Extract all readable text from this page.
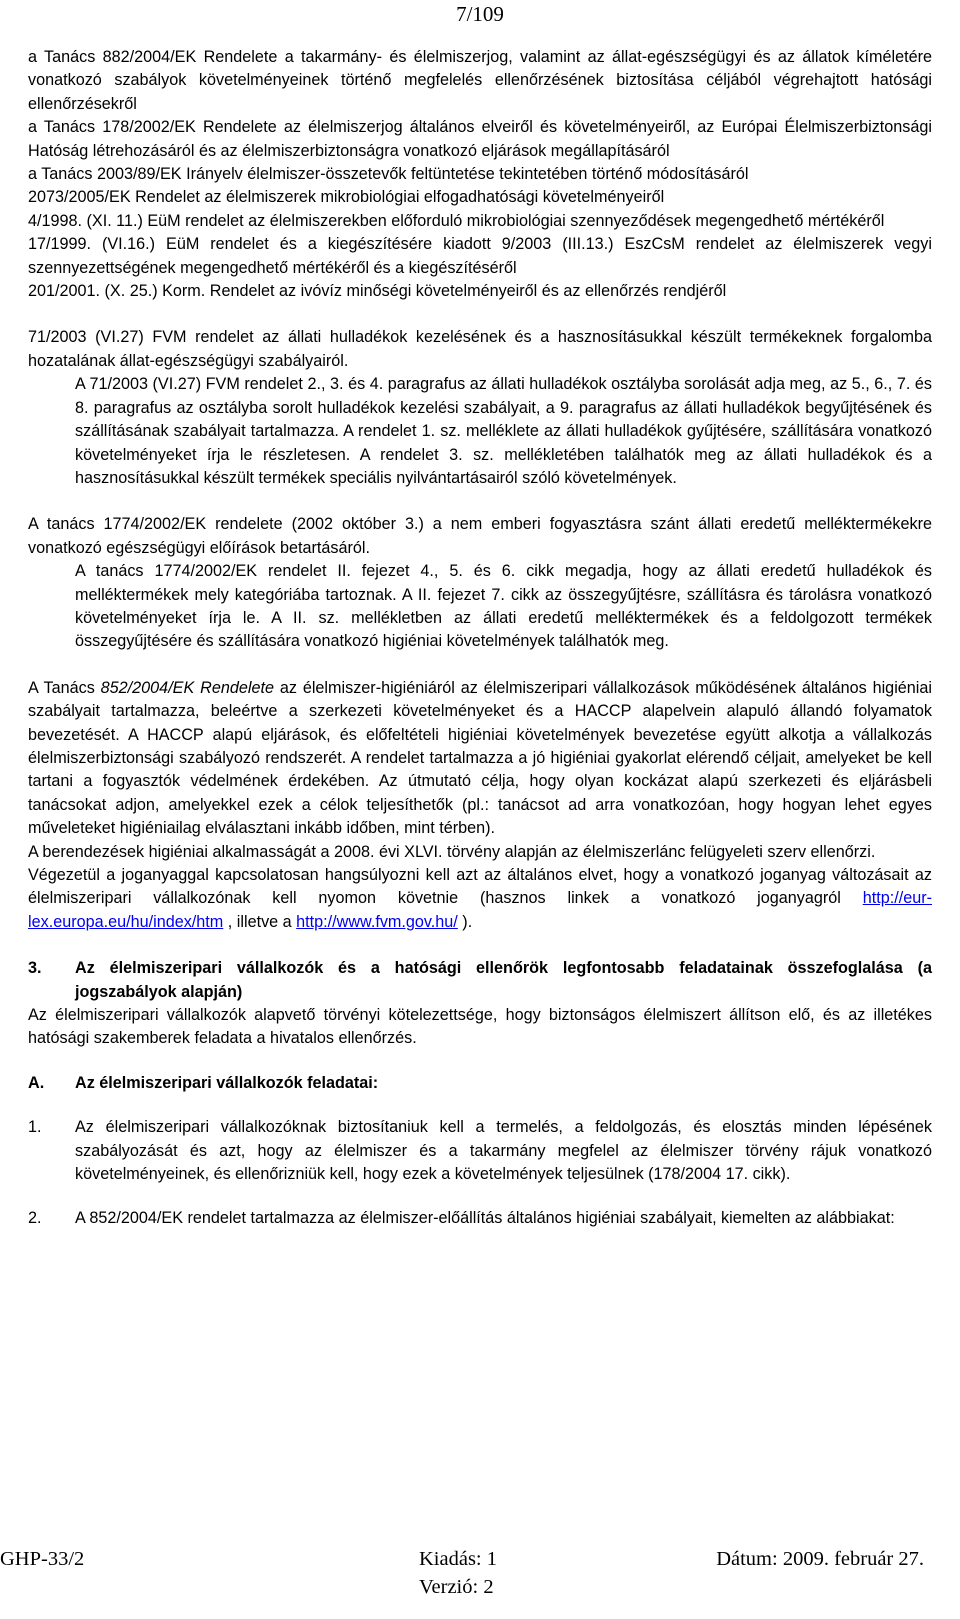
7/109

a Tanács 882/2004/EK Rendelete a takarmány- és élelmiszerjog, valamint az állat-egészségügyi és az állatok kíméletére vonatkozó szabályok követelményeinek történő megfelelés ellenőrzésének biztosítása céljából végrehajtott hatósági ellenőrzésekről

a Tanács 178/2002/EK Rendelete az élelmiszerjog általános elveiről és követelményeiről, az Európai Élelmiszerbiztonsági Hatóság létrehozásáról és az élelmiszerbiztonságra vonatkozó eljárások megállapításáról

a Tanács 2003/89/EK Irányelv élelmiszer-összetevők feltüntetése tekintetében történő módosításáról

2073/2005/EK Rendelet az élelmiszerek mikrobiológiai elfogadhatósági követelményeiről

4/1998. (XI. 11.) EüM rendelet az élelmiszerekben előforduló mikrobiológiai szennyeződések megengedhető mértékéről

17/1999. (VI.16.) EüM rendelet és a kiegészítésére kiadott 9/2003 (III.13.) EszCsM rendelet az élelmiszerek vegyi szennyezettségének megengedhető mértékéről és a kiegészítéséről

201/2001. (X. 25.) Korm. Rendelet az ivóvíz minőségi követelményeiről és az ellenőrzés rendjéről

71/2003 (VI.27) FVM rendelet az állati hulladékok kezelésének és a hasznosításukkal készült termékeknek forgalomba hozatalának állat-egészségügyi szabályairól.

A 71/2003 (VI.27) FVM rendelet 2., 3. és 4. paragrafus az állati hulladékok osztályba sorolását adja meg, az 5., 6., 7. és 8. paragrafus az osztályba sorolt hulladékok kezelési szabályait, a 9. paragrafus az állati hulladékok begyűjtésének és szállításának szabályait tartalmazza. A rendelet 1. sz. melléklete az állati hulladékok gyűjtésére, szállítására vonatkozó követelményeket írja le részletesen. A rendelet 3. sz. mellékletében találhatók meg az állati hulladékok és a hasznosításukkal készült termékek speciális nyilvántartásairól szóló követelmények.

A tanács 1774/2002/EK rendelete (2002 október 3.) a nem emberi fogyasztásra szánt állati eredetű melléktermékekre vonatkozó egészségügyi előírások betartásáról.

A tanács 1774/2002/EK rendelet II. fejezet 4., 5. és 6. cikk megadja, hogy az állati eredetű hulladékok és melléktermékek mely kategóriába tartoznak. A II. fejezet 7. cikk az összegyűjtésre, szállításra és tárolásra vonatkozó követelményeket írja le. A II. sz. mellékletben az állati eredetű melléktermékek és a feldolgozott termékek összegyűjtésére és szállítására vonatkozó higiéniai követelmények találhatók meg.

A Tanács 852/2004/EK Rendelete az élelmiszer-higiéniáról az élelmiszeripari vállalkozások működésének általános higiéniai szabályait tartalmazza, beleértve a szerkezeti követelményeket és a HACCP alapelvein alapuló állandó folyamatok bevezetését. A HACCP alapú eljárások, és előfeltételi higiéniai követelmények bevezetése együtt alkotja a vállalkozás élelmiszerbiztonsági szabályozó rendszerét. A rendelet tartalmazza a jó higiéniai gyakorlat elérendő céljait, amelyeket be kell tartani a fogyasztók védelmének érdekében. Az útmutató célja, hogy olyan kockázat alapú szerkezeti és eljárásbeli tanácsokat adjon, amelyekkel ezek a célok teljesíthetők (pl.: tanácsot ad arra vonatkozóan, hogy hogyan lehet egyes műveleteket higiéniailag elválasztani inkább időben, mint térben).

A berendezések higiéniai alkalmasságát a 2008. évi XLVI. törvény alapján az élelmiszerlánc felügyeleti szerv ellenőrzi.

Végezetül a joganyaggal kapcsolatosan hangsúlyozni kell azt az általános elvet, hogy a vonatkozó joganyag változásait az élelmiszeripari vállalkozónak kell nyomon követnie (hasznos linkek a vonatkozó joganyagról http://eur-lex.europa.eu/hu/index/htm , illetve a http://www.fvm.gov.hu/ ).

3.	Az élelmiszeripari vállalkozók és a hatósági ellenőrök legfontosabb feladatainak összefoglalása (a jogszabályok alapján)

Az élelmiszeripari vállalkozók alapvető törvényi kötelezettsége, hogy biztonságos élelmiszert állítson elő, és az illetékes hatósági szakemberek feladata a hivatalos ellenőrzés.

A.	Az élelmiszeripari vállalkozók feladatai:
1.	Az élelmiszeripari vállalkozóknak biztosítaniuk kell a termelés, a feldolgozás, és elosztás minden lépésének szabályozását és azt, hogy az élelmiszer és a takarmány megfelel az élelmiszer törvény rájuk vonatkozó követelményeinek, és ellenőrizniük kell, hogy ezek a követelmények teljesülnek (178/2004 17. cikk).
2.	A 852/2004/EK rendelet tartalmazza az élelmiszer-előállítás általános higiéniai szabályait, kiemelten az alábbiakat:
GHP-33/2	Kiadás: 1
Verzió: 2
Dátum: 2009. február 27.
